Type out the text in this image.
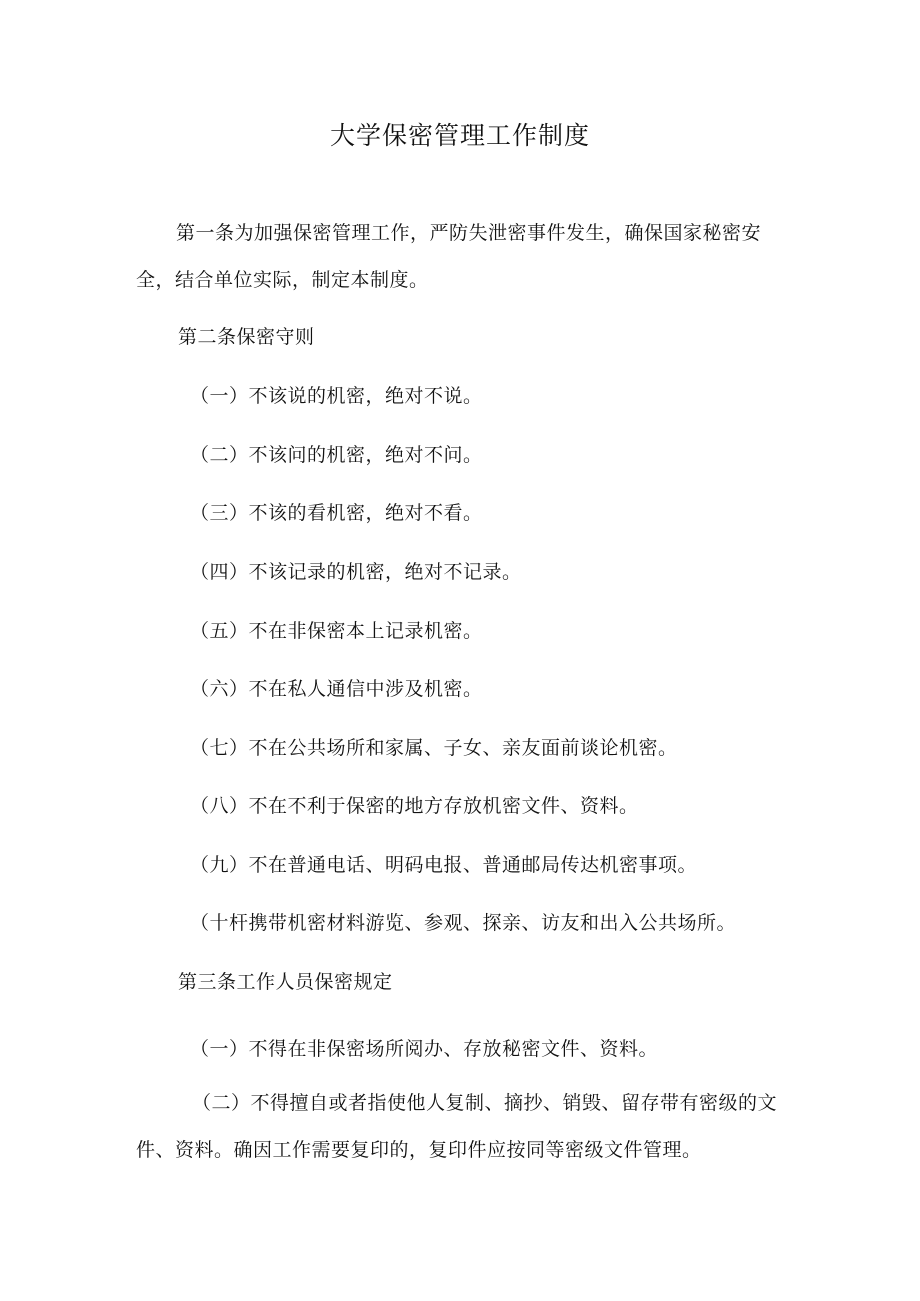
大学保密管理工作制度

第一条为加强保密管理工作，严防失泄密事件发生，确保国家秘密安全，结合单位实际，制定本制度。

第二条保密守则

（一）不该说的机密，绝对不说。

（二）不该问的机密，绝对不问。

（三）不该的看机密，绝对不看。

（四）不该记录的机密，绝对不记录。

（五）不在非保密本上记录机密。

（六）不在私人通信中涉及机密。

（七）不在公共场所和家属、子女、亲友面前谈论机密。

（八）不在不利于保密的地方存放机密文件、资料。

（九）不在普通电话、明码电报、普通邮局传达机密事项。

（十杆携带机密材料游览、参观、探亲、访友和出入公共场所。

第三条工作人员保密规定

（一）不得在非保密场所阅办、存放秘密文件、资料。

（二）不得擅自或者指使他人复制、摘抄、销毁、留存带有密级的文件、资料。确因工作需要复印的，复印件应按同等密级文件管理。
